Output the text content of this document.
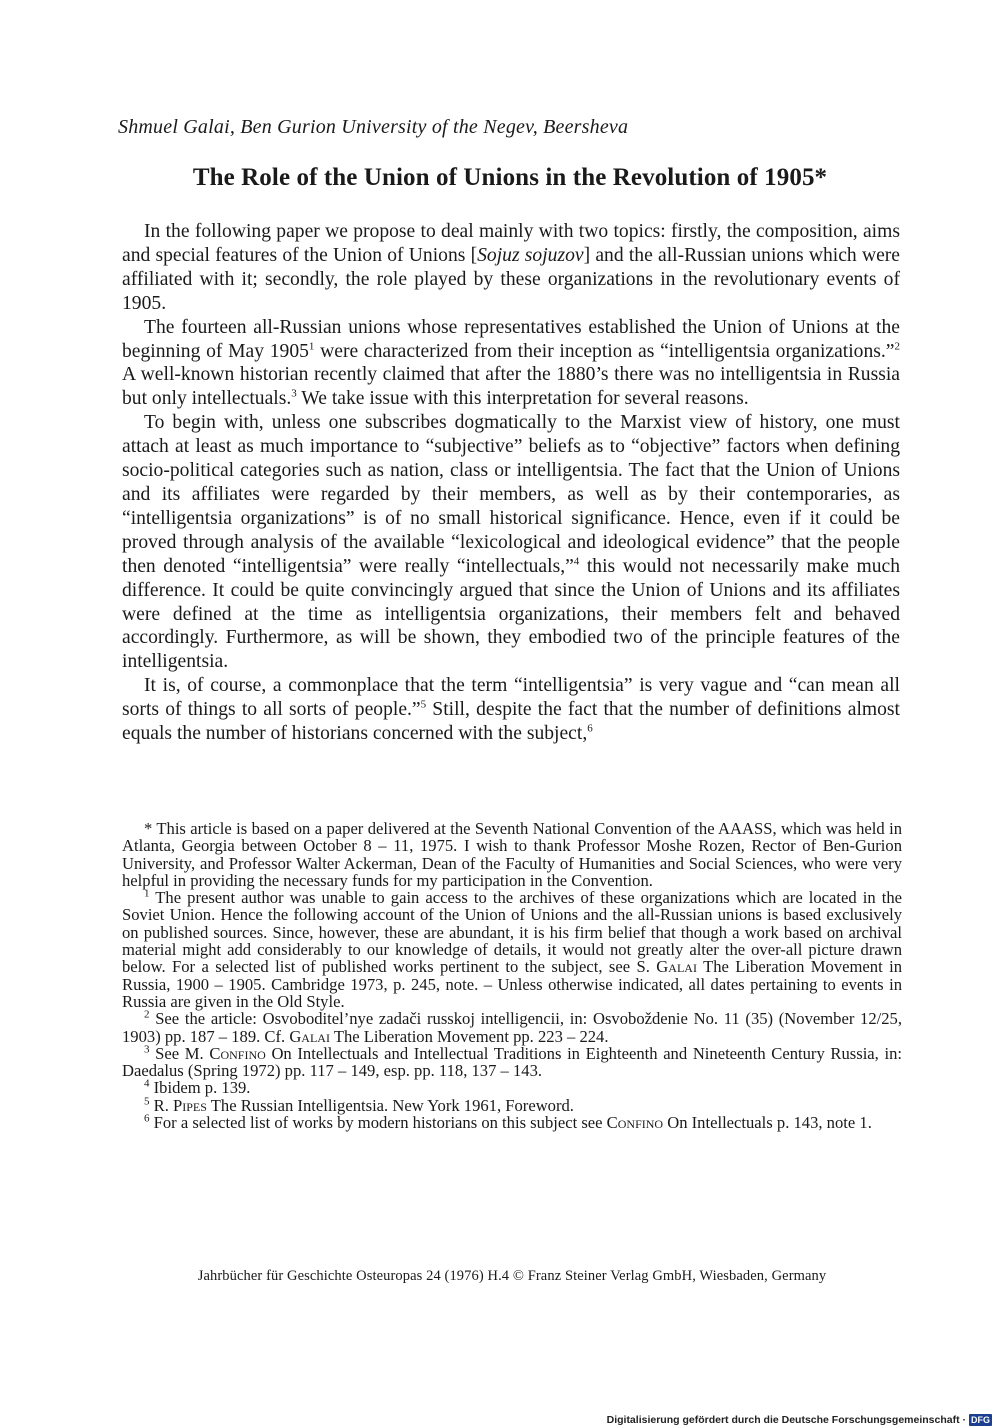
Shmuel Galai, Ben Gurion University of the Negev, Beersheva
The Role of the Union of Unions in the Revolution of 1905*

In the following paper we propose to deal mainly with two topics: firstly, the composition, aims and special features of the Union of Unions [Sojuz sojuzov] and the all-Russian unions which were affiliated with it; secondly, the role played by these organizations in the revolutionary events of 1905.

The fourteen all-Russian unions whose representatives established the Union of Unions at the beginning of May 1905$^1$ were characterized from their inception as “intelligentsia organizations.”$^2$ A well-known historian recently claimed that after the 1880’s there was no intelligentsia in Russia but only intellectuals.$^3$ We take issue with this interpretation for several reasons.

To begin with, unless one subscribes dogmatically to the Marxist view of history, one must attach at least as much importance to “subjective” beliefs as to “objective” factors when defining socio-political categories such as nation, class or intelligentsia. The fact that the Union of Unions and its affiliates were regarded by their members, as well as by their contemporaries, as “intelligentsia organizations” is of no small historical significance. Hence, even if it could be proved through analysis of the available “lexicological and ideological evidence” that the people then denoted “intelligentsia” were really “intellectuals,”$^4$ this would not necessarily make much difference. It could be quite convincingly argued that since the Union of Unions and its affiliates were defined at the time as intelligentsia organizations, their members felt and behaved accordingly. Furthermore, as will be shown, they embodied two of the principle features of the intelligentsia.

It is, of course, a commonplace that the term “intelligentsia” is very vague and “can mean all sorts of things to all sorts of people.”$^5$ Still, despite the fact that the number of definitions almost equals the number of historians concerned with the subject,$^6$

* This article is based on a paper delivered at the Seventh National Convention of the AAASS, which was held in Atlanta, Georgia between October 8 – 11, 1975. I wish to thank Professor Moshe Rozen, Rector of Ben-Gurion University, and Professor Walter Ackerman, Dean of the Faculty of Humanities and Social Sciences, who were very helpful in providing the necessary funds for my participation in the Convention.

$^1$ The present author was unable to gain access to the archives of these organizations which are located in the Soviet Union. Hence the following account of the Union of Unions and the all-Russian unions is based exclusively on published sources. Since, however, these are abundant, it is his firm belief that though a work based on archival material might add considerably to our knowledge of details, it would not greatly alter the over-all picture drawn below. For a selected list of published works pertinent to the subject, see S. Galai The Liberation Movement in Russia, 1900 – 1905. Cambridge 1973, p. 245, note. – Unless otherwise indicated, all dates pertaining to events in Russia are given in the Old Style.

$^2$ See the article: Osvoboditel’nye zadači russkoj intelligencii, in: Osvoboždenie No. 11 (35) (November 12/25, 1903) pp. 187 – 189. Cf. Galai The Liberation Movement pp. 223 – 224.

$^3$ See M. Confino On Intellectuals and Intellectual Traditions in Eighteenth and Nineteenth Century Russia, in: Daedalus (Spring 1972) pp. 117 – 149, esp. pp. 118, 137 – 143.

$^4$ Ibidem p. 139.

$^5$ R. Pipes The Russian Intelligentsia. New York 1961, Foreword.

$^6$ For a selected list of works by modern historians on this subject see Confino On Intellectuals p. 143, note 1.

Jahrbücher für Geschichte Osteuropas 24 (1976) H.4 © Franz Steiner Verlag GmbH, Wiesbaden, Germany
Digitalisierung gefördert durch die Deutsche Forschungsgemeinschaft · DFG
